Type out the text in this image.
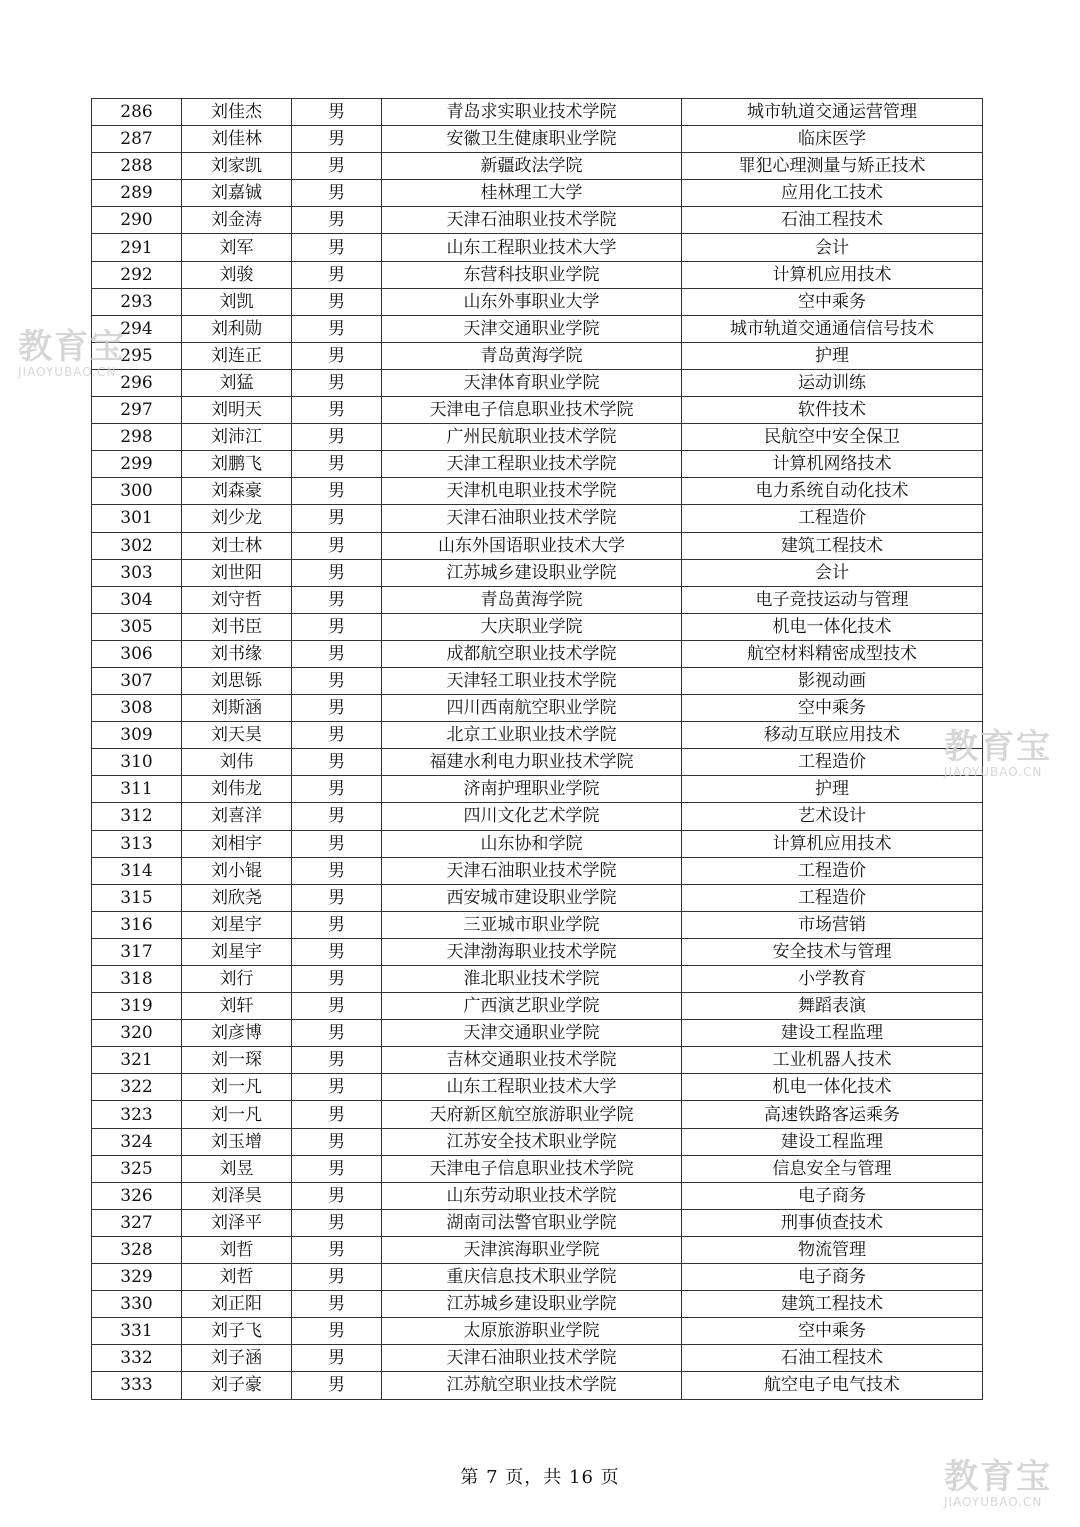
286	刘佳杰	男	青岛求实职业技术学院	城市轨道交通运营管理
287	刘佳林	男	安徽卫生健康职业学院	临床医学
288	刘家凯	男	新疆政法学院	罪犯心理测量与矫正技术
289	刘嘉铖	男	桂林理工大学	应用化工技术
290	刘金涛	男	天津石油职业技术学院	石油工程技术
291	刘军	男	山东工程职业技术大学	会计
292	刘骏	男	东营科技职业学院	计算机应用技术
293	刘凯	男	山东外事职业大学	空中乘务
294	刘利勋	男	天津交通职业学院	城市轨道交通通信信号技术
295	刘连正	男	青岛黄海学院	护理
296	刘猛	男	天津体育职业学院	运动训练
297	刘明天	男	天津电子信息职业技术学院	软件技术
298	刘沛江	男	广州民航职业技术学院	民航空中安全保卫
299	刘鹏飞	男	天津工程职业技术学院	计算机网络技术
300	刘森豪	男	天津机电职业技术学院	电力系统自动化技术
301	刘少龙	男	天津石油职业技术学院	工程造价
302	刘士林	男	山东外国语职业技术大学	建筑工程技术
303	刘世阳	男	江苏城乡建设职业学院	会计
304	刘守哲	男	青岛黄海学院	电子竞技运动与管理
305	刘书臣	男	大庆职业学院	机电一体化技术
306	刘书缘	男	成都航空职业技术学院	航空材料精密成型技术
307	刘思铄	男	天津轻工职业技术学院	影视动画
308	刘斯涵	男	四川西南航空职业学院	空中乘务
309	刘天昊	男	北京工业职业技术学院	移动互联应用技术
310	刘伟	男	福建水利电力职业技术学院	工程造价
311	刘伟龙	男	济南护理职业学院	护理
312	刘喜洋	男	四川文化艺术学院	艺术设计
313	刘相宇	男	山东协和学院	计算机应用技术
314	刘小锟	男	天津石油职业技术学院	工程造价
315	刘欣尧	男	西安城市建设职业学院	工程造价
316	刘星宇	男	三亚城市职业学院	市场营销
317	刘星宇	男	天津渤海职业技术学院	安全技术与管理
318	刘行	男	淮北职业技术学院	小学教育
319	刘轩	男	广西演艺职业学院	舞蹈表演
320	刘彦博	男	天津交通职业学院	建设工程监理
321	刘一琛	男	吉林交通职业技术学院	工业机器人技术
322	刘一凡	男	山东工程职业技术大学	机电一体化技术
323	刘一凡	男	天府新区航空旅游职业学院	高速铁路客运乘务
324	刘玉增	男	江苏安全技术职业学院	建设工程监理
325	刘昱	男	天津电子信息职业技术学院	信息安全与管理
326	刘泽昊	男	山东劳动职业技术学院	电子商务
327	刘泽平	男	湖南司法警官职业学院	刑事侦查技术
328	刘哲	男	天津滨海职业学院	物流管理
329	刘哲	男	重庆信息技术职业学院	电子商务
330	刘正阳	男	江苏城乡建设职业学院	建筑工程技术
331	刘子飞	男	太原旅游职业学院	空中乘务
332	刘子涵	男	天津石油职业技术学院	石油工程技术
333	刘子豪	男	江苏航空职业技术学院	航空电子电气技术
第 7 页，共 16 页
教育宝
JIAOYUBAO.CN
教育宝
JIAOYUBAO.CN
教育宝
JIAOYUBAO.CN
